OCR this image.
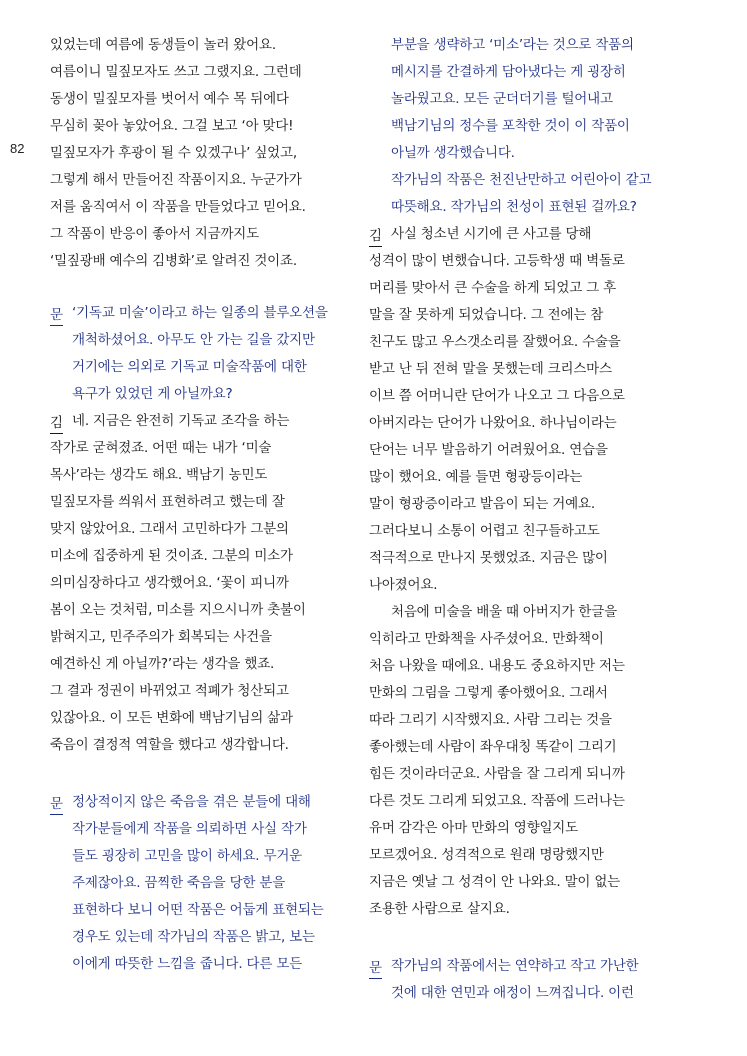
82
있었는데 여름에 동생들이 놀러 왔어요.
여름이니 밀짚모자도 쓰고 그랬지요. 그런데
동생이 밀짚모자를 벗어서 예수 목 뒤에다
무심히 꽂아 놓았어요. 그걸 보고 ‘아 맞다!
밀짚모자가 후광이 될 수 있겠구나’ 싶었고,
그렇게 해서 만들어진 작품이지요. 누군가가
저를 움직여서 이 작품을 만들었다고 믿어요.
그 작품이 반응이 좋아서 지금까지도
‘밀짚광배 예수의 김병화’로 알려진 것이죠.
문 ‘기독교 미술’이라고 하는 일종의 블루오션을
개척하셨어요. 아무도 안 가는 길을 갔지만
거기에는 의외로 기독교 미술작품에 대한
욕구가 있었던 게 아닐까요?
김 네. 지금은 완전히 기독교 조각을 하는
작가로 굳혀졌죠. 어떤 때는 내가 ‘미술
목사’라는 생각도 해요. 백남기 농민도
밀짚모자를 씌워서 표현하려고 했는데 잘
맞지 않았어요. 그래서 고민하다가 그분의
미소에 집중하게 된 것이죠. 그분의 미소가
의미심장하다고 생각했어요. ‘꽃이 피니까
봄이 오는 것처럼, 미소를 지으시니까 촛불이
밝혀지고, 민주주의가 회복되는 사건을
예견하신 게 아닐까?’라는 생각을 했죠.
그 결과 정권이 바뀌었고 적폐가 청산되고
있잖아요. 이 모든 변화에 백남기님의 삶과
죽음이 결정적 역할을 했다고 생각합니다.
문 정상적이지 않은 죽음을 겪은 분들에 대해
작가분들에게 작품을 의뢰하면 사실 작가
들도 굉장히 고민을 많이 하세요. 무거운
주제잖아요. 끔찍한 죽음을 당한 분을
표현하다 보니 어떤 작품은 어둡게 표현되는
경우도 있는데 작가님의 작품은 밝고, 보는
이에게 따뜻한 느낌을 줍니다. 다른 모든
부분을 생략하고 ‘미소’라는 것으로 작품의
메시지를 간결하게 담아냈다는 게 굉장히
놀라웠고요. 모든 군더더기를 털어내고
백남기님의 정수를 포착한 것이 이 작품이
아닐까 생각했습니다.
작가님의 작품은 천진난만하고 어린아이 같고
따뜻해요. 작가님의 천성이 표현된 걸까요?
김 사실 청소년 시기에 큰 사고를 당해
성격이 많이 변했습니다. 고등학생 때 벽돌로
머리를 맞아서 큰 수술을 하게 되었고 그 후
말을 잘 못하게 되었습니다. 그 전에는 참
친구도 많고 우스갯소리를 잘했어요. 수술을
받고 난 뒤 전혀 말을 못했는데 크리스마스
이브 쯤 어머니란 단어가 나오고 그 다음으로
아버지라는 단어가 나왔어요. 하나님이라는
단어는 너무 발음하기 어려웠어요. 연습을
많이 했어요. 예를 들면 형광등이라는
말이 형광증이라고 발음이 되는 거예요.
그러다보니 소통이 어렵고 친구들하고도
적극적으로 만나지 못했었죠. 지금은 많이
나아졌어요.
처음에 미술을 배울 때 아버지가 한글을
익히라고 만화책을 사주셨어요. 만화책이
처음 나왔을 때에요. 내용도 중요하지만 저는
만화의 그림을 그렇게 좋아했어요. 그래서
따라 그리기 시작했지요. 사람 그리는 것을
좋아했는데 사람이 좌우대칭 똑같이 그리기
힘든 것이라더군요. 사람을 잘 그리게 되니까
다른 것도 그리게 되었고요. 작품에 드러나는
유머 감각은 아마 만화의 영향일지도
모르겠어요. 성격적으로 원래 명랑했지만
지금은 옛날 그 성격이 안 나와요. 말이 없는
조용한 사람으로 살지요.
문 작가님의 작품에서는 연약하고 작고 가난한
것에 대한 연민과 애정이 느껴집니다. 이런
